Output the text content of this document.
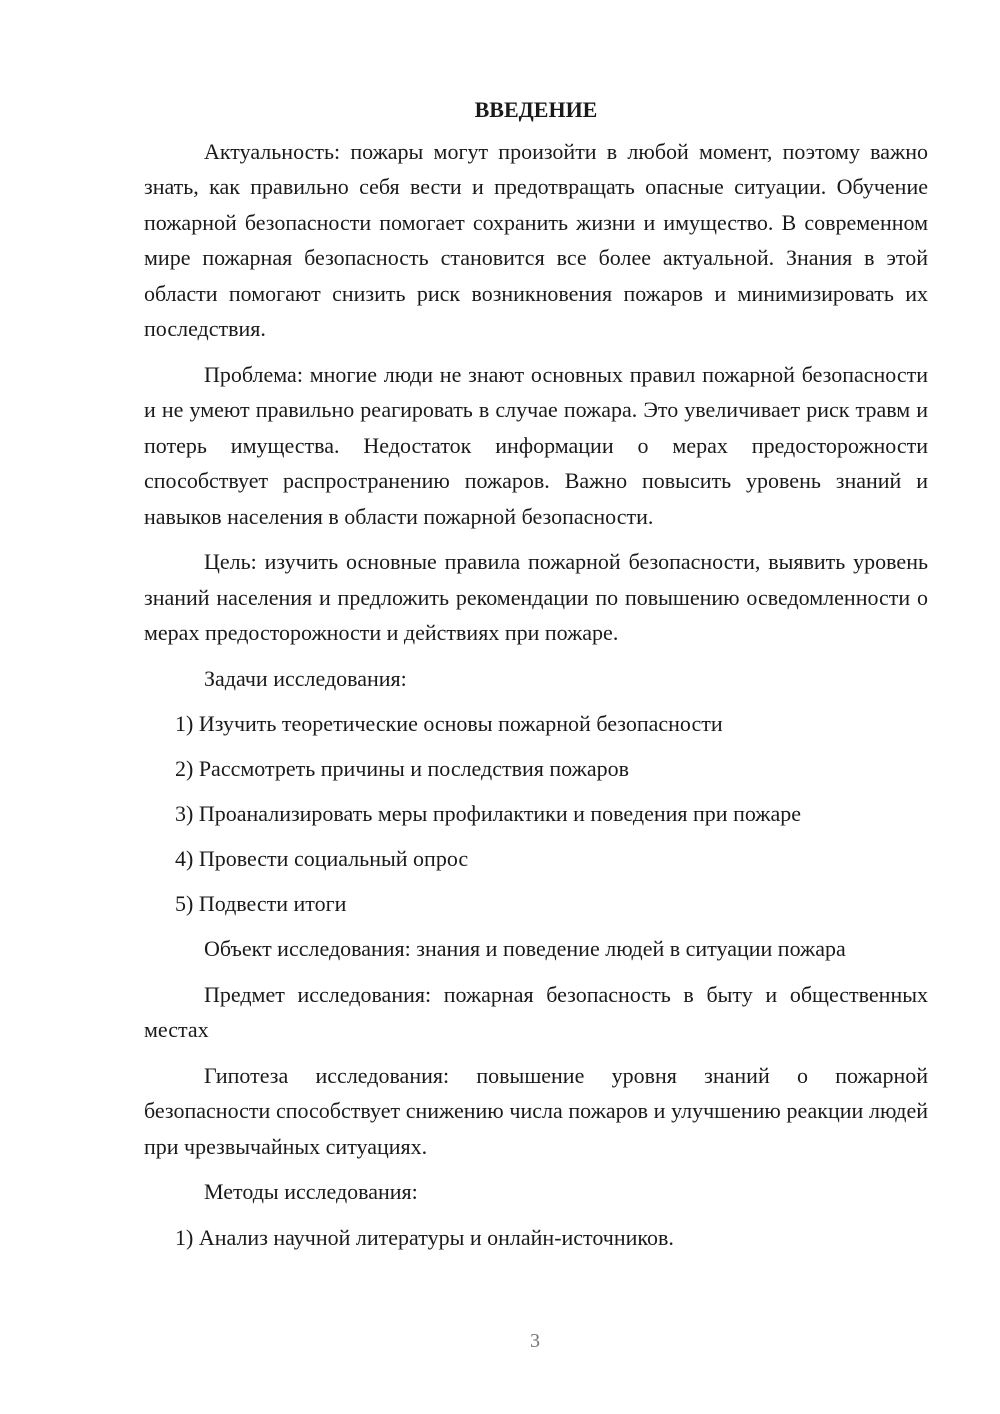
ВВЕДЕНИЕ

Актуальность: пожары могут произойти в любой момент, поэтому важно знать, как правильно себя вести и предотвращать опасные ситуации. Обучение пожарной безопасности помогает сохранить жизни и имущество. В современном мире пожарная безопасность становится все более актуальной. Знания в этой области помогают снизить риск возникновения пожаров и минимизировать их последствия.

Проблема: многие люди не знают основных правил пожарной безопасности и не умеют правильно реагировать в случае пожара. Это увеличивает риск травм и потерь имущества. Недостаток информации о мерах предосторожности способствует распространению пожаров. Важно повысить уровень знаний и навыков населения в области пожарной безопасности.

Цель: изучить основные правила пожарной безопасности, выявить уровень знаний населения и предложить рекомендации по повышению осведомленности о мерах предосторожности и действиях при пожаре.

Задачи исследования:
1) Изучить теоретические основы пожарной безопасности
2) Рассмотреть причины и последствия пожаров
3) Проанализировать меры профилактики и поведения при пожаре
4) Провести социальный опрос
5) Подвести итоги
Объект исследования: знания и поведение людей в ситуации пожара

Предмет исследования: пожарная безопасность в быту и общественных местах

Гипотеза исследования: повышение уровня знаний о пожарной безопасности способствует снижению числа пожаров и улучшению реакции людей при чрезвычайных ситуациях.

Методы исследования:
1) Анализ научной литературы и онлайн-источников.
3
